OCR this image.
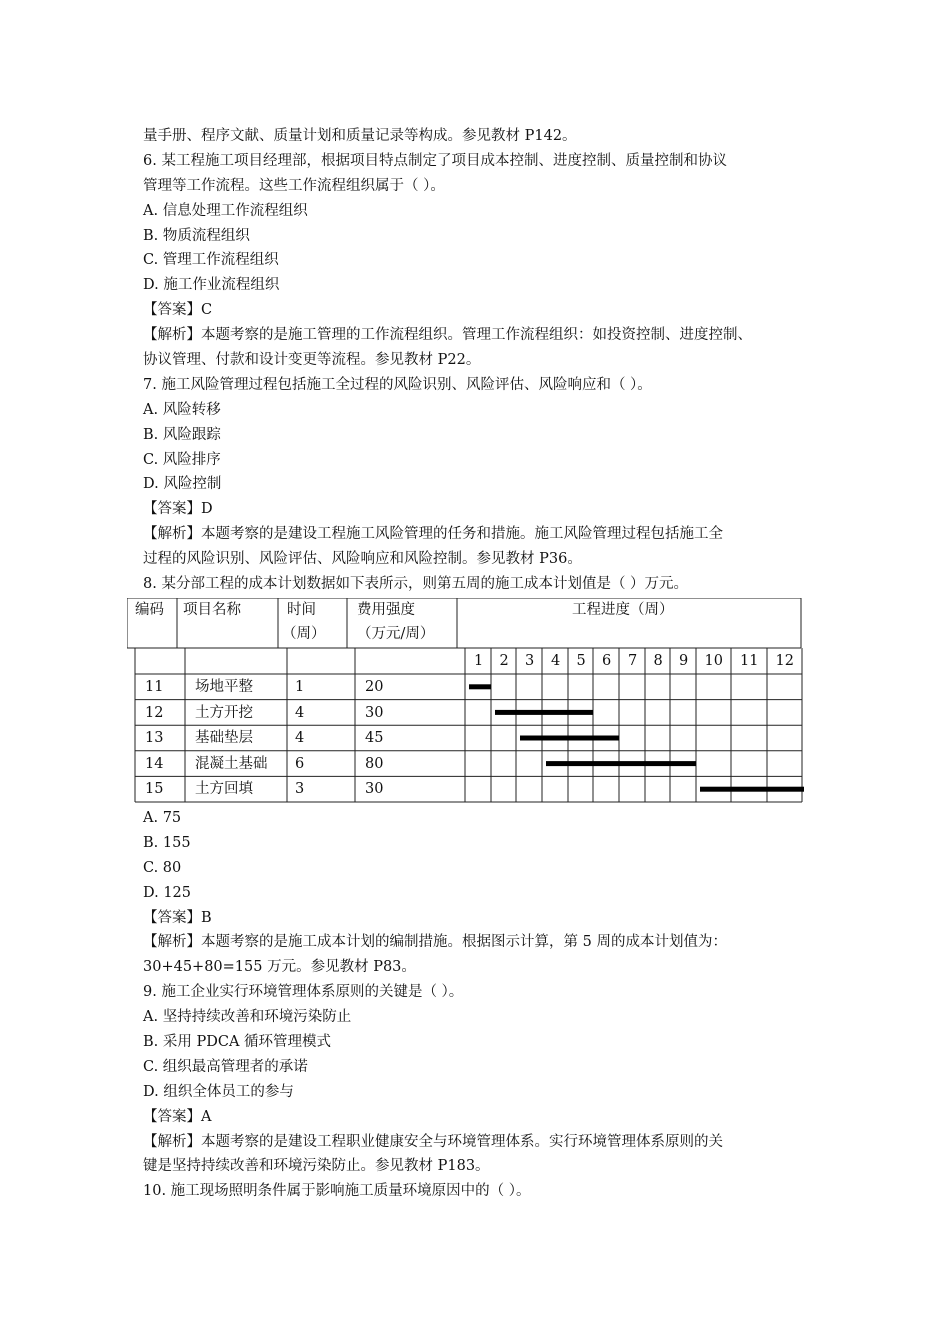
量手册、程序文献、质量计划和质量记录等构成。参见教材 P142。
6. 某工程施工项目经理部，根据项目特点制定了项目成本控制、进度控制、质量控制和协议
管理等工作流程。这些工作流程组织属于（ ）。
A. 信息处理工作流程组织
B. 物质流程组织
C. 管理工作流程组织
D. 施工作业流程组织
【答案】C
【解析】本题考察的是施工管理的工作流程组织。管理工作流程组织：如投资控制、进度控制、
协议管理、付款和设计变更等流程。参见教材 P22。
7. 施工风险管理过程包括施工全过程的风险识别、风险评估、风险响应和（ ）。
A. 风险转移
B. 风险跟踪
C. 风险排序
D. 风险控制
【答案】D
【解析】本题考察的是建设工程施工风险管理的任务和措施。施工风险管理过程包括施工全
过程的风险识别、风险评估、风险响应和风险控制。参见教材 P36。
8. 某分部工程的成本计划数据如下表所示，则第五周的施工成本计划值是（ ）万元。
编码 项目名称	时间
（周）
费用强度
（万元/周）
工程进度（周）
1 2 3 4 5 6 7 8 9 10 11 12
11 场地平整	1	20
12 土方开挖	4	30
13 基础垫层	4	45
14 混凝土基础 6	80
15 土方回填	3	30
A. 75
B. 155
C. 80
D. 125
【答案】B
【解析】本题考察的是施工成本计划的编制措施。根据图示计算，第 5 周的成本计划值为：
30+45+80=155 万元。参见教材 P83。
9. 施工企业实行环境管理体系原则的关键是（ ）。
A. 坚持持续改善和环境污染防止
B. 采用 PDCA 循环管理模式
C. 组织最高管理者的承诺
D. 组织全体员工的参与
【答案】A
【解析】本题考察的是建设工程职业健康安全与环境管理体系。实行环境管理体系原则的关
键是坚持持续改善和环境污染防止。参见教材 P183。
10. 施工现场照明条件属于影响施工质量环境原因中的（ ）。
